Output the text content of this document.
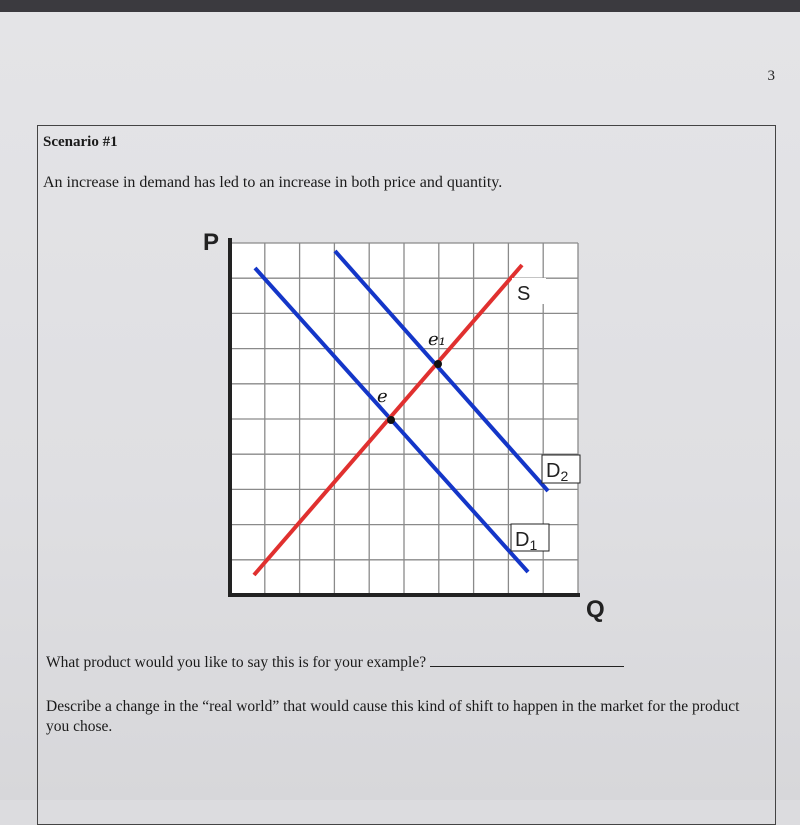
3
Scenario #1
An increase in demand has led to an increase in both price and quantity.
P
Q
S
$D_2$
$D_1$
e
e₁
What product would you like to say this is for your example?
Describe a change in the “real world” that would cause this kind of shift to happen in the market for the product you chose.
